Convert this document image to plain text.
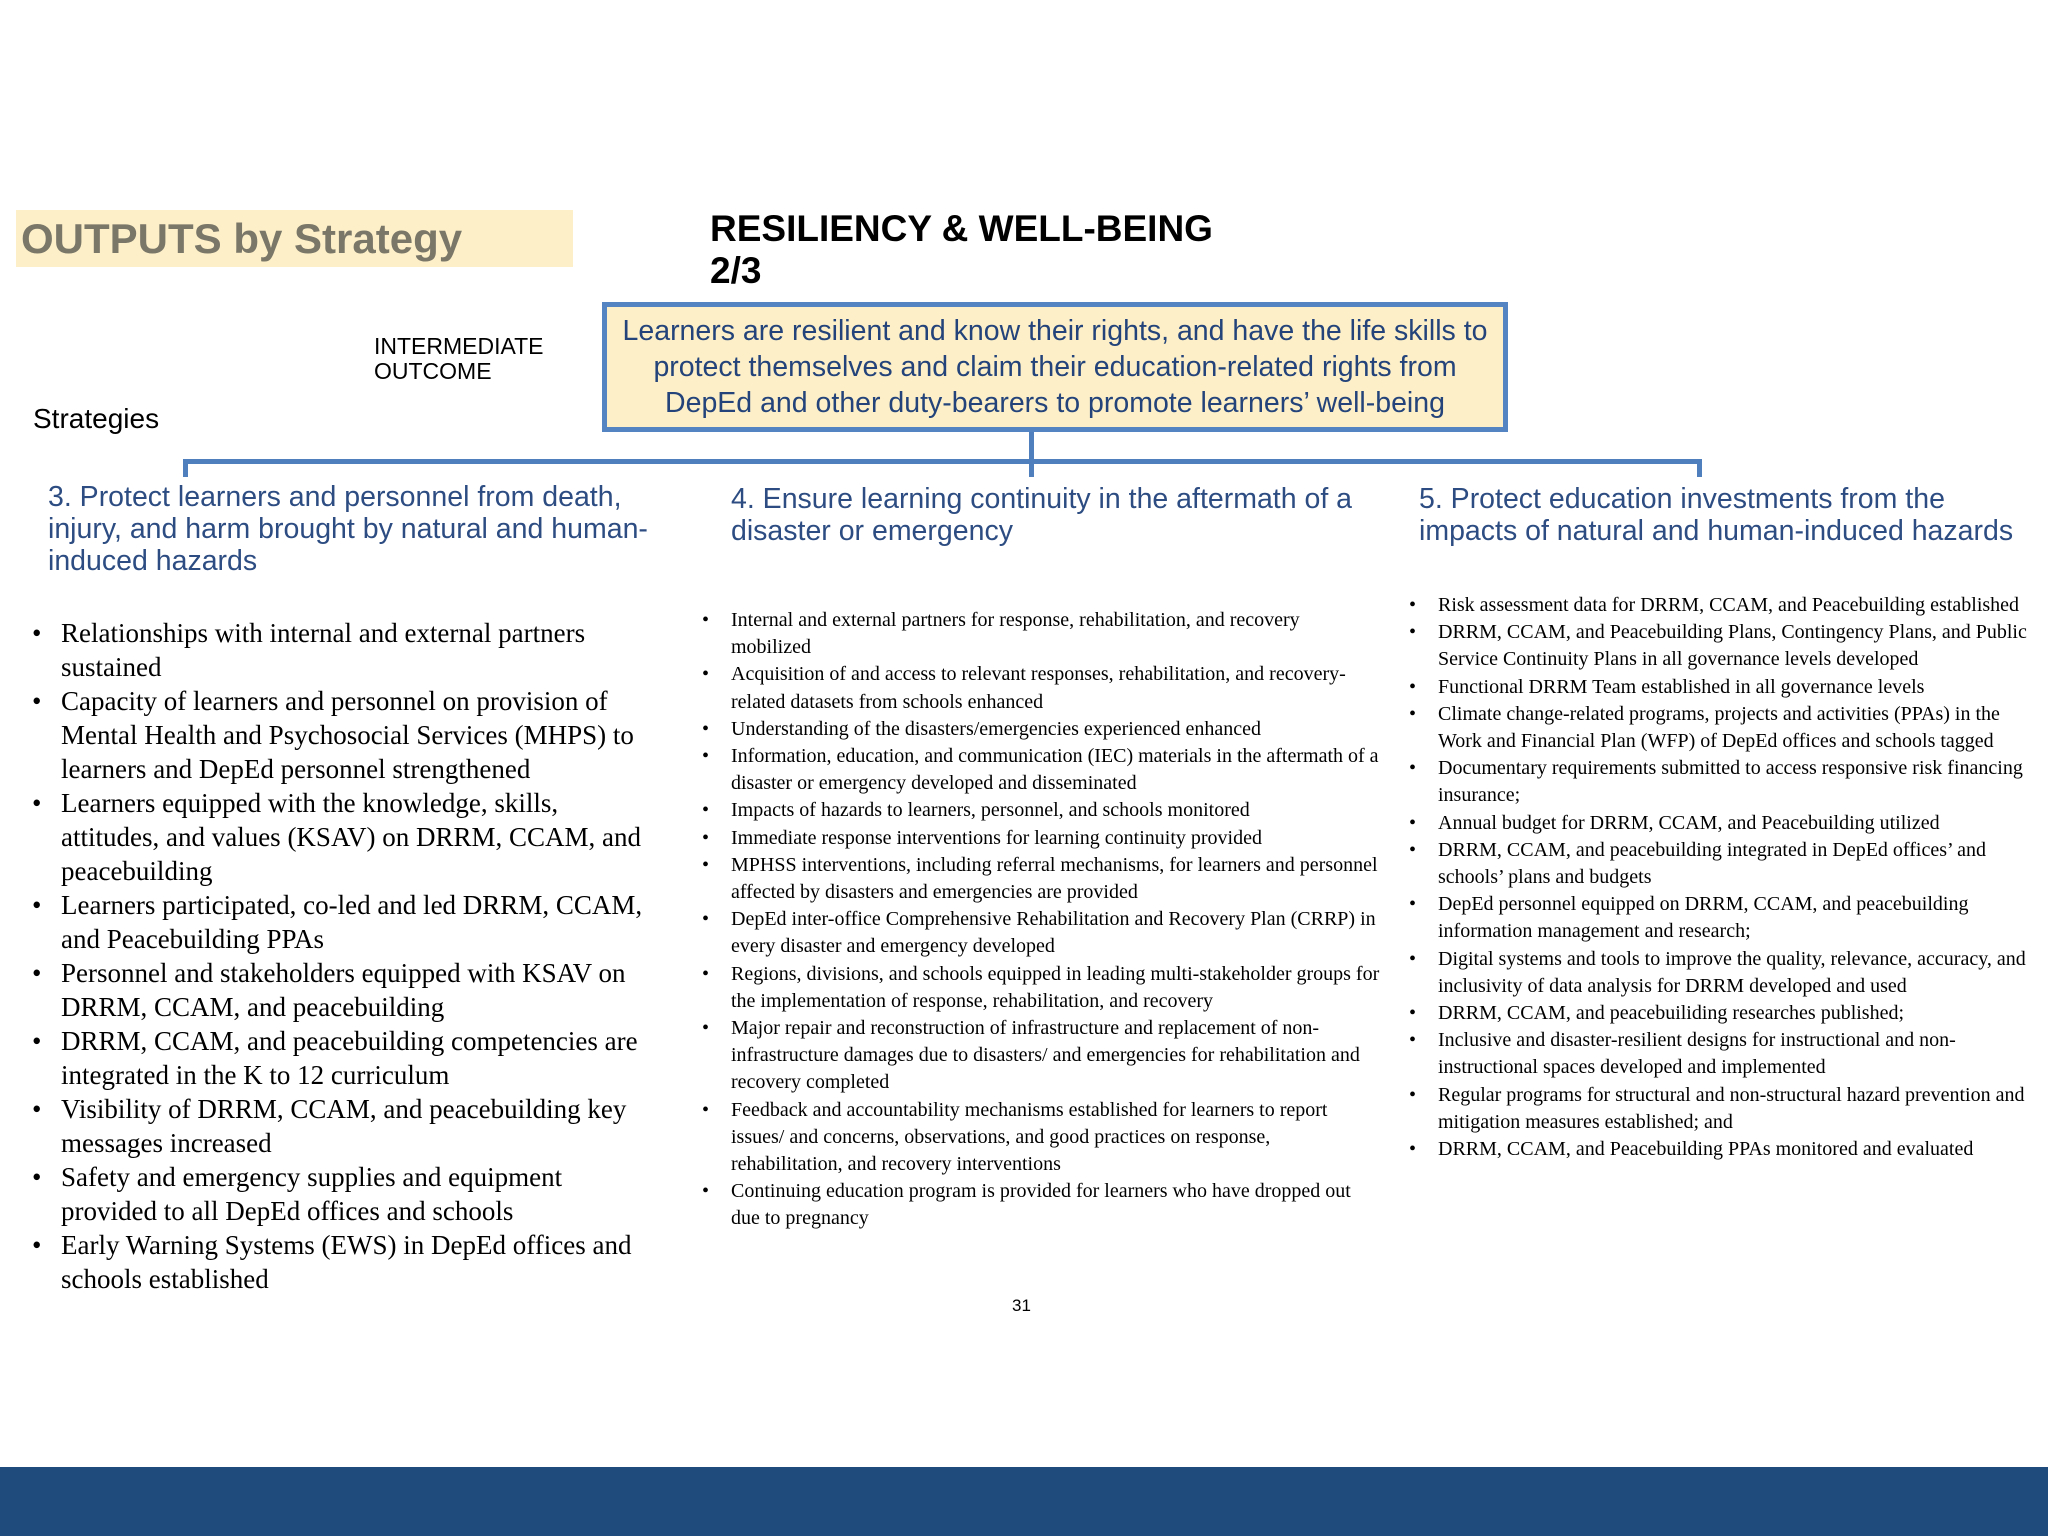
OUTPUTS by Strategy	RESILIENCY & WELL-BEING
2/3
INTERMEDIATE
OUTCOME
Strategies
Learners are resilient and know their rights, and have the life skills to protect themselves and claim their education-related rights from DepEd and other duty-bearers to promote learners’ well-being
3. Protect learners and personnel from death, injury, and harm brought by natural and human-induced hazards
4. Ensure learning continuity in the aftermath of a disaster or emergency
5. Protect education investments from the impacts of natural and human-induced hazards
• Relationships with internal and external partners sustained
• Capacity of learners and personnel on provision of Mental Health and Psychosocial Services (MHPS) to learners and DepEd personnel strengthened
• Learners equipped with the knowledge, skills, attitudes, and values (KSAV) on DRRM, CCAM, and peacebuilding
• Learners participated, co-led and led DRRM, CCAM, and Peacebuilding PPAs
• Personnel and stakeholders equipped with KSAV on DRRM, CCAM, and peacebuilding
• DRRM, CCAM, and peacebuilding competencies are integrated in the K to 12 curriculum
• Visibility of DRRM, CCAM, and peacebuilding key messages increased
• Safety and emergency supplies and equipment provided to all DepEd offices and schools
• Early Warning Systems (EWS) in DepEd offices and schools established
• Internal and external partners for response, rehabilitation, and recovery mobilized
• Acquisition of and access to relevant responses, rehabilitation, and recovery-related datasets from schools enhanced
• Understanding of the disasters/emergencies experienced enhanced
• Information, education, and communication (IEC) materials in the aftermath of a disaster or emergency developed and disseminated
• Impacts of hazards to learners, personnel, and schools monitored
• Immediate response interventions for learning continuity provided
• MPHSS interventions, including referral mechanisms, for learners and personnel affected by disasters and emergencies are provided
• DepEd inter-office Comprehensive Rehabilitation and Recovery Plan (CRRP) in every disaster and emergency developed
• Regions, divisions, and schools equipped in leading multi-stakeholder groups for the implementation of response, rehabilitation, and recovery
• Major repair and reconstruction of infrastructure and replacement of non-infrastructure damages due to disasters/ and emergencies for rehabilitation and recovery completed
• Feedback and accountability mechanisms established for learners to report issues/ and concerns, observations, and good practices on response, rehabilitation, and recovery interventions
• Continuing education program is provided for learners who have dropped out due to pregnancy
• Risk assessment data for DRRM, CCAM, and Peacebuilding established
• DRRM, CCAM, and Peacebuilding Plans, Contingency Plans, and Public Service Continuity Plans in all governance levels developed
• Functional DRRM Team established in all governance levels
• Climate change-related programs, projects and activities (PPAs) in the Work and Financial Plan (WFP) of DepEd offices and schools tagged
• Documentary requirements submitted to access responsive risk financing insurance;
• Annual budget for DRRM, CCAM, and Peacebuilding utilized
• DRRM, CCAM, and peacebuilding integrated in DepEd offices’ and schools’ plans and budgets
• DepEd personnel equipped on DRRM, CCAM, and peacebuilding information management and research;
• Digital systems and tools to improve the quality, relevance, accuracy, and inclusivity of data analysis for DRRM developed and used
• DRRM, CCAM, and peacebuiliding researches published;
• Inclusive and disaster-resilient designs for instructional and non-instructional spaces developed and implemented
• Regular programs for structural and non-structural hazard prevention and mitigation measures established; and
• DRRM, CCAM, and Peacebuilding PPAs monitored and evaluated
31
